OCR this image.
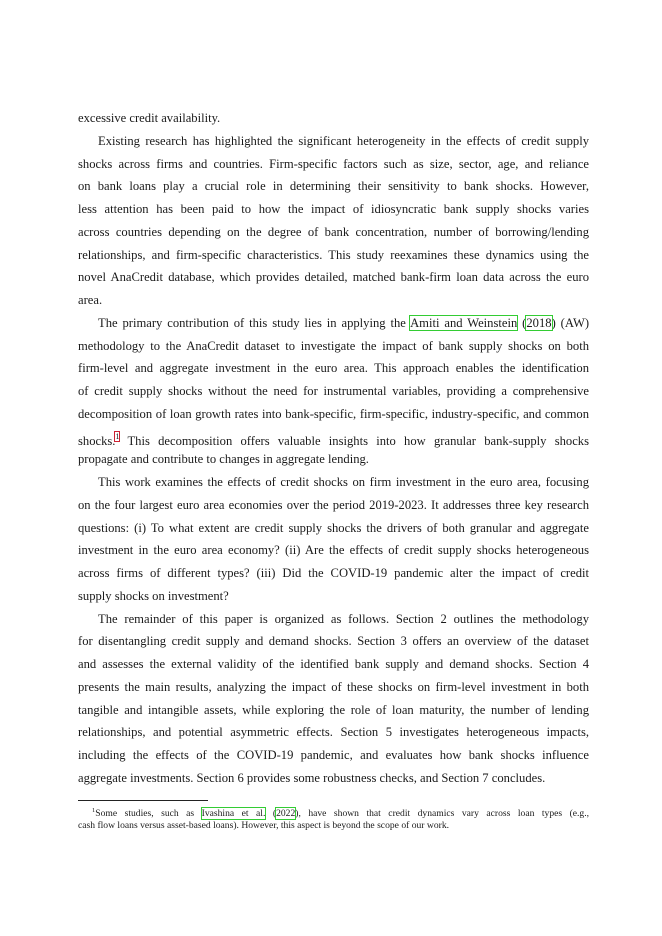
excessive credit availability.
Existing research has highlighted the significant heterogeneity in the effects of credit supply
shocks across firms and countries. Firm-specific factors such as size, sector, age, and reliance
on bank loans play a crucial role in determining their sensitivity to bank shocks. However,
less attention has been paid to how the impact of idiosyncratic bank supply shocks varies
across countries depending on the degree of bank concentration, number of borrowing/lending
relationships, and firm-specific characteristics. This study reexamines these dynamics using the
novel AnaCredit database, which provides detailed, matched bank-firm loan data across the euro
area.
The primary contribution of this study lies in applying the Amiti and Weinstein (2018) (AW)
methodology to the AnaCredit dataset to investigate the impact of bank supply shocks on both
firm-level and aggregate investment in the euro area. This approach enables the identification
of credit supply shocks without the need for instrumental variables, providing a comprehensive
decomposition of loan growth rates into bank-specific, firm-specific, industry-specific, and common
shocks.$^1$ This decomposition offers valuable insights into how granular bank-supply shocks
propagate and contribute to changes in aggregate lending.
This work examines the effects of credit shocks on firm investment in the euro area, focusing
on the four largest euro area economies over the period 2019-2023. It addresses three key research
questions: (i) To what extent are credit supply shocks the drivers of both granular and aggregate
investment in the euro area economy? (ii) Are the effects of credit supply shocks heterogeneous
across firms of different types? (iii) Did the COVID-19 pandemic alter the impact of credit
supply shocks on investment?
The remainder of this paper is organized as follows. Section 2 outlines the methodology
for disentangling credit supply and demand shocks. Section 3 offers an overview of the dataset
and assesses the external validity of the identified bank supply and demand shocks. Section 4
presents the main results, analyzing the impact of these shocks on firm-level investment in both
tangible and intangible assets, while exploring the role of loan maturity, the number of lending
relationships, and potential asymmetric effects. Section 5 investigates heterogeneous impacts,
including the effects of the COVID-19 pandemic, and evaluates how bank shocks influence
aggregate investments. Section 6 provides some robustness checks, and Section 7 concludes.
$^1$Some studies, such as Ivashina et al. (2022), have shown that credit dynamics vary across loan types (e.g.,
cash flow loans versus asset-based loans). However, this aspect is beyond the scope of our work.
